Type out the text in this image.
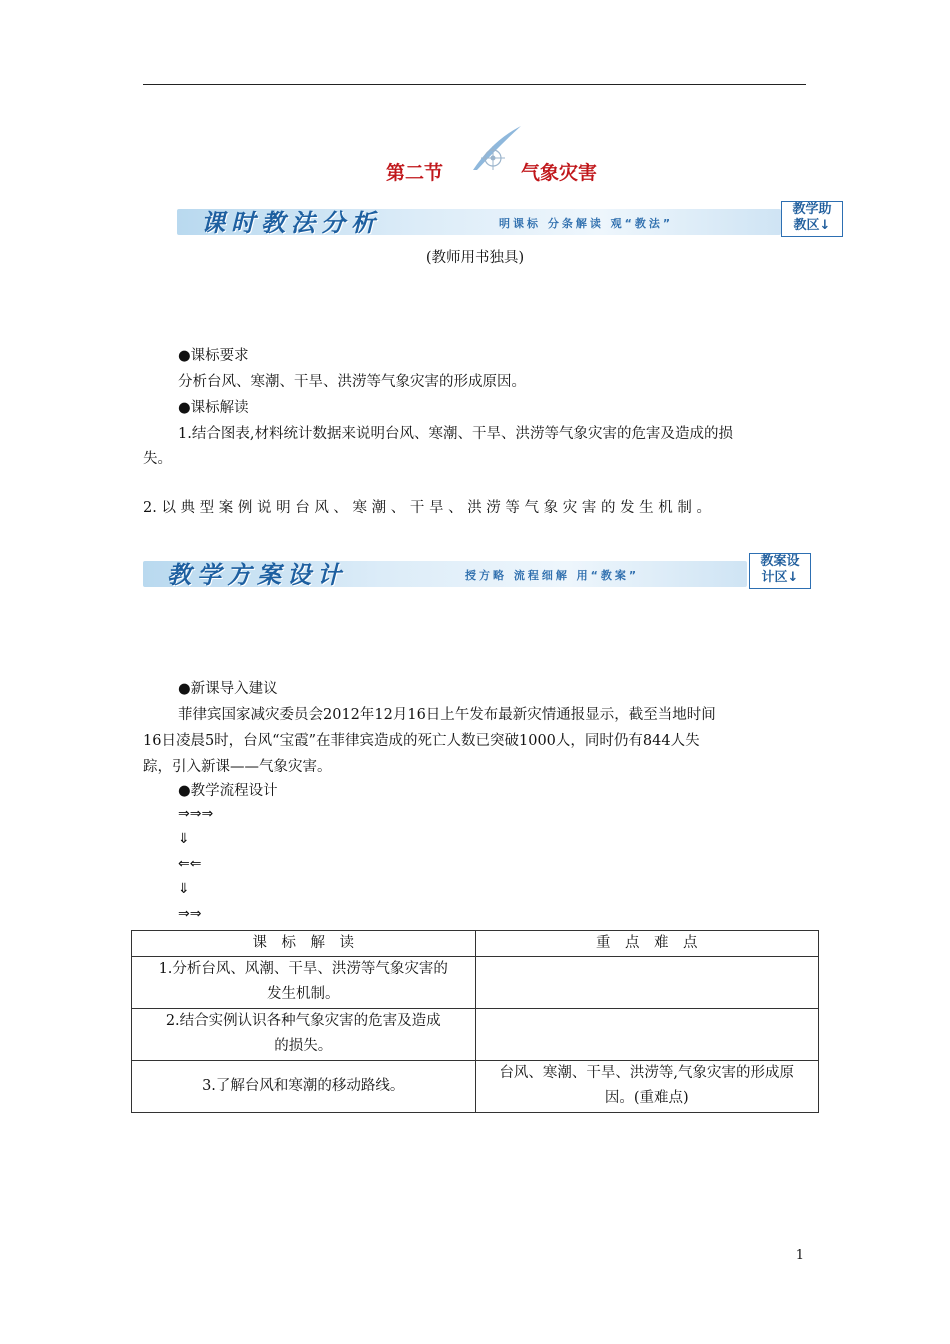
第二节	气象灾害
课时教法分析	明课标 分条解读 观“教法”
教学助
教区↓
(教师用书独具)
●课标要求
分析台风、寒潮、干旱、洪涝等气象灾害的形成原因。
●课标解读
1.结合图表,材料统计数据来说明台风、寒潮、干旱、洪涝等气象灾害的危害及造成的损
失。
2. 以 典 型 案 例 说 明 台 风 、 寒 潮 、 干 旱 、 洪 涝 等 气 象 灾 害 的 发 生 机 制 。
教学方案设计	授方略 流程细解 用“教案”
教案设
计区↓
●新课导入建议
菲律宾国家减灾委员会2012年12月16日上午发布最新灾情通报显示，截至当地时间
16日凌晨5时，台风“宝霞”在菲律宾造成的死亡人数已突破1000人，同时仍有844人失
踪，引入新课——气象灾害。
●教学流程设计
⇒⇒⇒
⇓
⇐⇐
⇓
⇒⇒
课　标　解　读	重　点　难　点

1.分析台风、风潮、干旱、洪涝等气象灾害的
发生机制。	

2.结合实例认识各种气象灾害的危害及造成
的损失。	

3.了解台风和寒潮的移动路线。	台风、寒潮、干旱、洪涝等,气象灾害的形成原
因。(重难点)
1
